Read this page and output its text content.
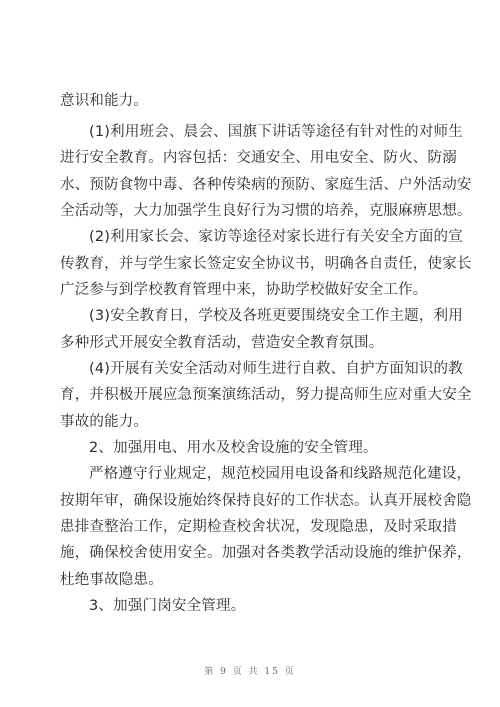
意识和能力。
(1)利用班会、晨会、国旗下讲话等途径有针对性的对师生
进行安全教育。内容包括：交通安全、用电安全、防火、防溺
水、预防食物中毒、各种传染病的预防、家庭生活、户外活动安
全活动等，大力加强学生良好行为习惯的培养，克服麻痹思想。
(2)利用家长会、家访等途径对家长进行有关安全方面的宣
传教育，并与学生家长签定安全协议书，明确各自责任，使家长
广泛参与到学校教育管理中来，协助学校做好安全工作。
(3)安全教育日，学校及各班更要围绕安全工作主题，利用
多种形式开展安全教育活动，营造安全教育氛围。
(4)开展有关安全活动对师生进行自救、自护方面知识的教
育，并积极开展应急预案演练活动，努力提高师生应对重大安全
事故的能力。
2、加强用电、用水及校舍设施的安全管理。
严格遵守行业规定，规范校园用电设备和线路规范化建设，
按期年审，确保设施始终保持良好的工作状态。认真开展校舍隐
患排查整治工作，定期检查校舍状况，发现隐患，及时采取措
施，确保校舍使用安全。加强对各类教学活动设施的维护保养，
杜绝事故隐患。
3、加强门岗安全管理。
第 9 页 共 15 页
